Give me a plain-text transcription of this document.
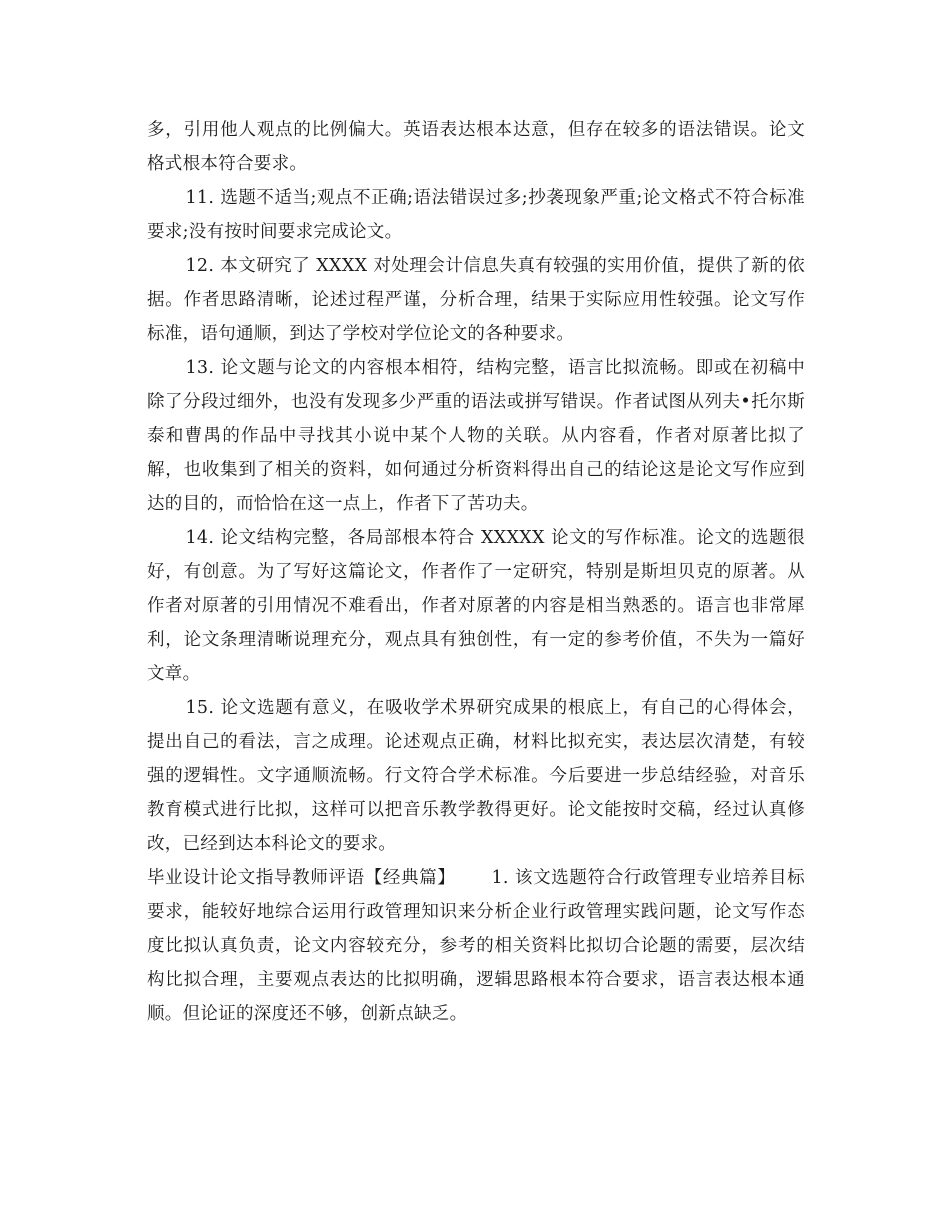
多，引用他人观点的比例偏大。英语表达根本达意，但存在较多的语法错误。论文格式根本符合要求。

11. 选题不适当;观点不正确;语法错误过多;抄袭现象严重;论文格式不符合标准要求;没有按时间要求完成论文。

12. 本文研究了 XXXX 对处理会计信息失真有较强的实用价值，提供了新的依据。作者思路清晰，论述过程严谨，分析合理，结果于实际应用性较强。论文写作标准，语句通顺，到达了学校对学位论文的各种要求。

13. 论文题与论文的内容根本相符，结构完整，语言比拟流畅。即或在初稿中除了分段过细外，也没有发现多少严重的语法或拼写错误。作者试图从列夫•托尔斯泰和曹禺的作品中寻找其小说中某个人物的关联。从内容看，作者对原著比拟了解，也收集到了相关的资料，如何通过分析资料得出自己的结论这是论文写作应到达的目的，而恰恰在这一点上，作者下了苦功夫。

14. 论文结构完整，各局部根本符合 XXXXX 论文的写作标准。论文的选题很好，有创意。为了写好这篇论文，作者作了一定研究，特别是斯坦贝克的原著。从作者对原著的引用情况不难看出，作者对原著的内容是相当熟悉的。语言也非常犀利，论文条理清晰说理充分，观点具有独创性，有一定的参考价值，不失为一篇好文章。

15. 论文选题有意义，在吸收学术界研究成果的根底上，有自己的心得体会，提出自己的看法，言之成理。论述观点正确，材料比拟充实，表达层次清楚，有较强的逻辑性。文字通顺流畅。行文符合学术标准。今后要进一步总结经验，对音乐教育模式进行比拟，这样可以把音乐教学教得更好。论文能按时交稿，经过认真修改，已经到达本科论文的要求。

毕业设计论文指导教师评语【经典篇】 1. 该文选题符合行政管理专业培养目标要求，能较好地综合运用行政管理知识来分析企业行政管理实践问题，论文写作态度比拟认真负责，论文内容较充分，参考的相关资料比拟切合论题的需要，层次结构比拟合理，主要观点表达的比拟明确，逻辑思路根本符合要求，语言表达根本通顺。但论证的深度还不够，创新点缺乏。
